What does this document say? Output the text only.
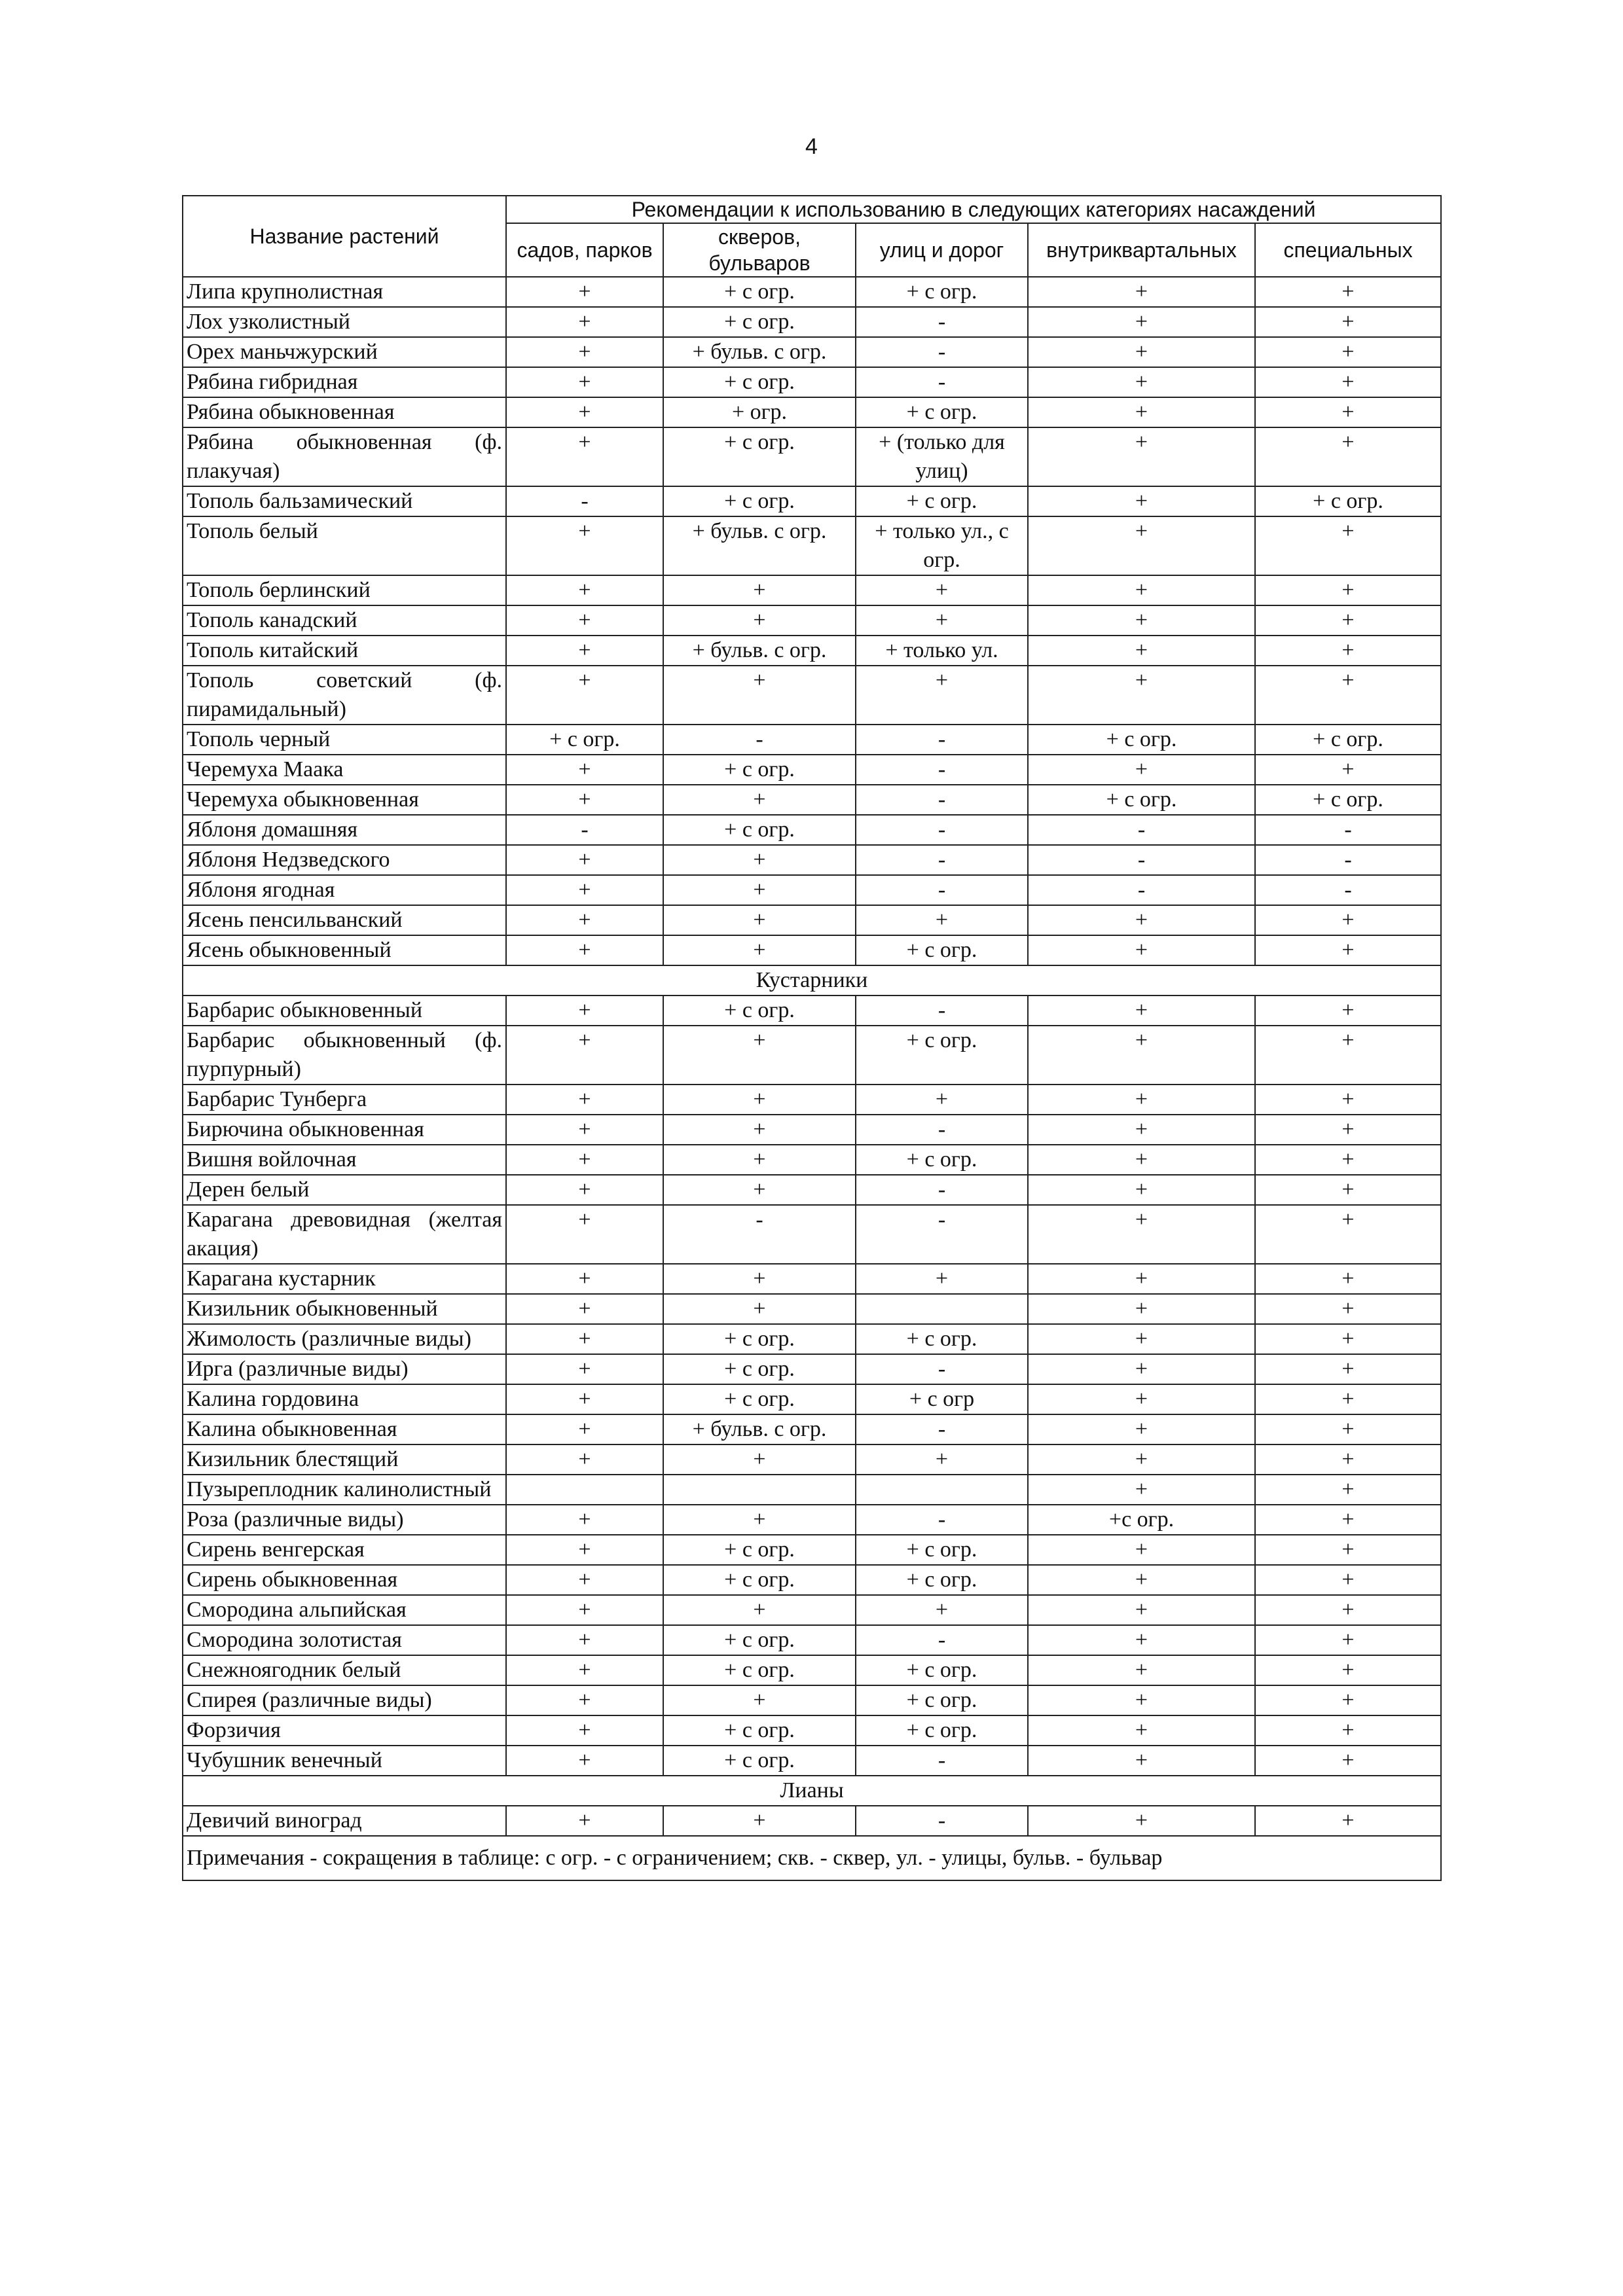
4
Название растений	Рекомендации к использованию в следующих категориях насаждений				
	садов, парков	скверов, бульваров	улиц и дорог	внутриквартальных	специальных
Липа крупнолистная	+	+ с огр.	+ с огр.	+	+
Лох узколистный	+	+ с огр.	-	+	+
Орех маньчжурский	+	+ бульв. с огр.	-	+	+
Рябина гибридная	+	+ с огр.	-	+	+
Рябина обыкновенная	+	+ огр.	+ с огр.	+	+
Рябина обыкновенная (ф. плакучая)	+	+ с огр.	+ (только для улиц)	+	+
Тополь бальзамический	-	+ с огр.	+ с огр.	+	+ с огр.
Тополь белый	+	+ бульв. с огр.	+ только ул., с огр.	+	+
Тополь берлинский	+	+	+	+	+
Тополь канадский	+	+	+	+	+
Тополь китайский	+	+ бульв. с огр.	+ только ул.	+	+
Тополь советский (ф. пирамидальный)	+	+	+	+	+
Тополь черный	+ с огр.	-	-	+ с огр.	+ с огр.
Черемуха Маака	+	+ с огр.	-	+	+
Черемуха обыкновенная	+	+	-	+ с огр.	+ с огр.
Яблоня домашняя	-	+ с огр.	-	-	-
Яблоня Недзведского	+	+	-	-	-
Яблоня ягодная	+	+	-	-	-
Ясень пенсильванский	+	+	+	+	+
Ясень обыкновенный	+	+	+ с огр.	+	+
Кустарники					
Барбарис обыкновенный	+	+ с огр.	-	+	+
Барбарис обыкновенный (ф. пурпурный)	+	+	+ с огр.	+	+
Барбарис Тунберга	+	+	+	+	+
Бирючина обыкновенная	+	+	-	+	+
Вишня войлочная	+	+	+ с огр.	+	+
Дерен белый	+	+	-	+	+
Карагана древовидная (желтая акация)	+	-	-	+	+
Карагана кустарник	+	+	+	+	+
Кизильник обыкновенный	+	+		+	+
Жимолость (различные виды)	+	+ с огр.	+ с огр.	+	+
Ирга (различные виды)	+	+ с огр.	-	+	+
Калина гордовина	+	+ с огр.	+ с огр	+	+
Калина обыкновенная	+	+ бульв. с огр.	-	+	+
Кизильник блестящий	+	+	+	+	+
Пузыреплодник калинолистный				+	+
Роза (различные виды)	+	+	-	+с огр.	+
Сирень венгерская	+	+ с огр.	+ с огр.	+	+
Сирень обыкновенная	+	+ с огр.	+ с огр.	+	+
Смородина альпийская	+	+	+	+	+
Смородина золотистая	+	+ с огр.	-	+	+
Снежноягодник белый	+	+ с огр.	+ с огр.	+	+
Спирея (различные виды)	+	+	+ с огр.	+	+
Форзичия	+	+ с огр.	+ с огр.	+	+
Чубушник венечный	+	+ с огр.	-	+	+
Лианы					
Девичий виноград	+	+	-	+	+
Примечания - сокращения в таблице: с огр. - с ограничением; скв. - сквер, ул. - улицы, бульв. - бульвар					
